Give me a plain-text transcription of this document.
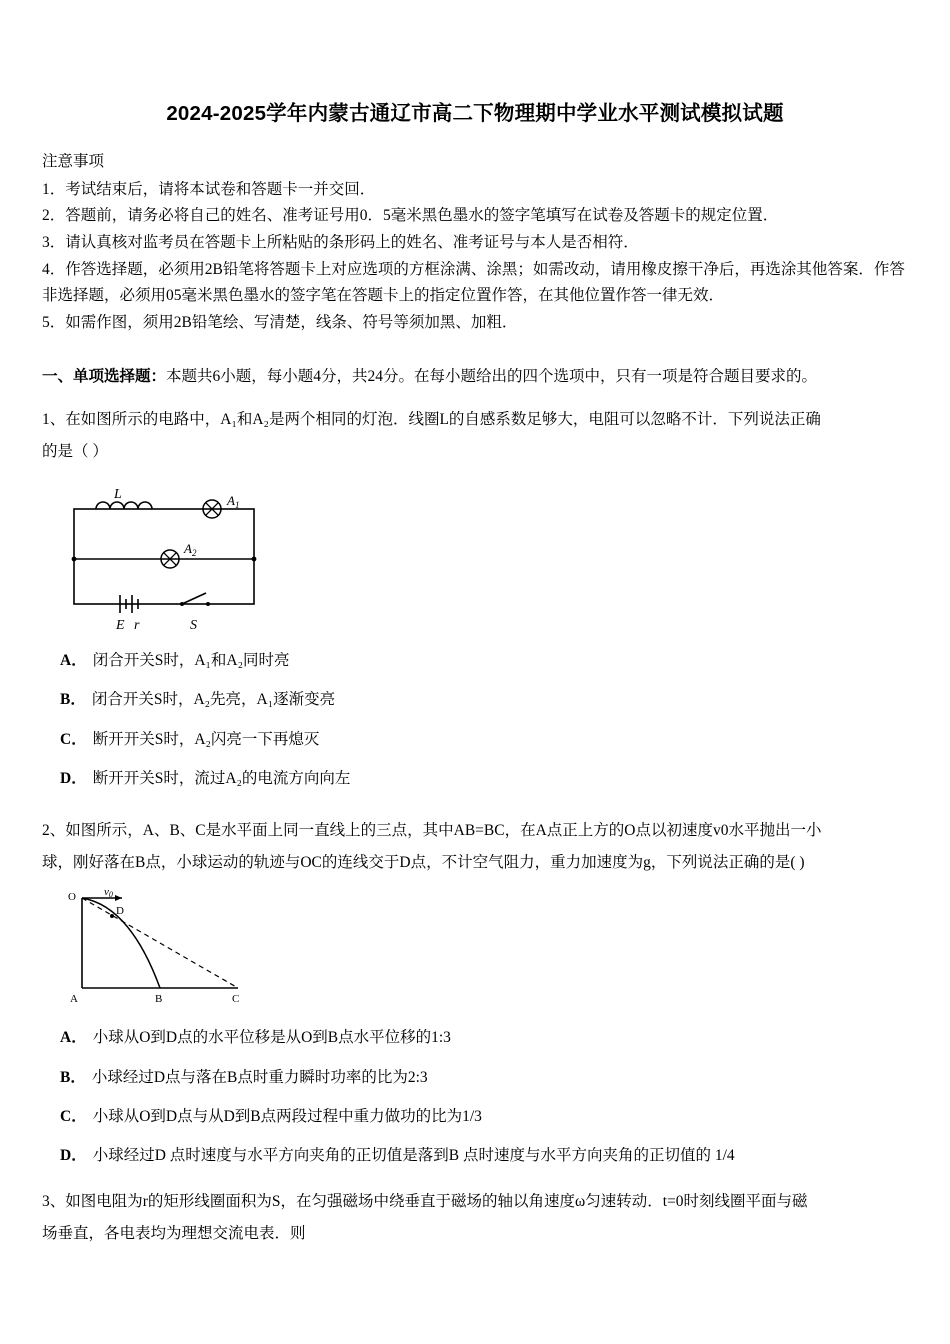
2024-2025学年内蒙古通辽市高二下物理期中学业水平测试模拟试题
注意事项
1．考试结束后，请将本试卷和答题卡一并交回．
2．答题前，请务必将自己的姓名、准考证号用0．5毫米黑色墨水的签字笔填写在试卷及答题卡的规定位置．
3．请认真核对监考员在答题卡上所粘贴的条形码上的姓名、准考证号与本人是否相符．
4．作答选择题，必须用2B铅笔将答题卡上对应选项的方框涂满、涂黑；如需改动，请用橡皮擦干净后，再选涂其他答案．作答非选择题，必须用05毫米黑色墨水的签字笔在答题卡上的指定位置作答，在其他位置作答一律无效．
5．如需作图，须用2B铅笔绘、写清楚，线条、符号等须加黑、加粗．
一、单项选择题：本题共6小题，每小题4分，共24分。在每小题给出的四个选项中，只有一项是符合题目要求的。
1、在如图所示的电路中，A₁和A₂是两个相同的灯泡．线圈L的自感系数足够大，电阻可以忽略不计．下列说法正确
的是（ ）
L	$A_1$
$A_2$
E r	S
A． 闭合开关S时，A₁和A₂同时亮
B． 闭合开关S时，A₂先亮，A₁逐渐变亮
C． 断开开关S时，A₂闪亮一下再熄灭
D． 断开开关S时，流过A₂的电流方向向左
2、如图所示，A、B、C是水平面上同一直线上的三点，其中AB=BC，在A点正上方的O点以初速度v0水平抛出一小
球，刚好落在B点，小球运动的轨迹与OC的连线交于D点，不计空气阻力，重力加速度为g，下列说法正确的是( )
v0
D
O
A	B	C
A． 小球从O到D点的水平位移是从O到B点水平位移的1:3
B． 小球经过D点与落在B点时重力瞬时功率的比为2:3
C． 小球从O到D点与从D到B点两段过程中重力做功的比为1/3
D． 小球经过D 点时速度与水平方向夹角的正切值是落到B 点时速度与水平方向夹角的正切值的 1/4
3、如图电阻为r的矩形线圈面积为S，在匀强磁场中绕垂直于磁场的轴以角速度ω匀速转动．t=0时刻线圈平面与磁
场垂直，各电表均为理想交流电表．则
